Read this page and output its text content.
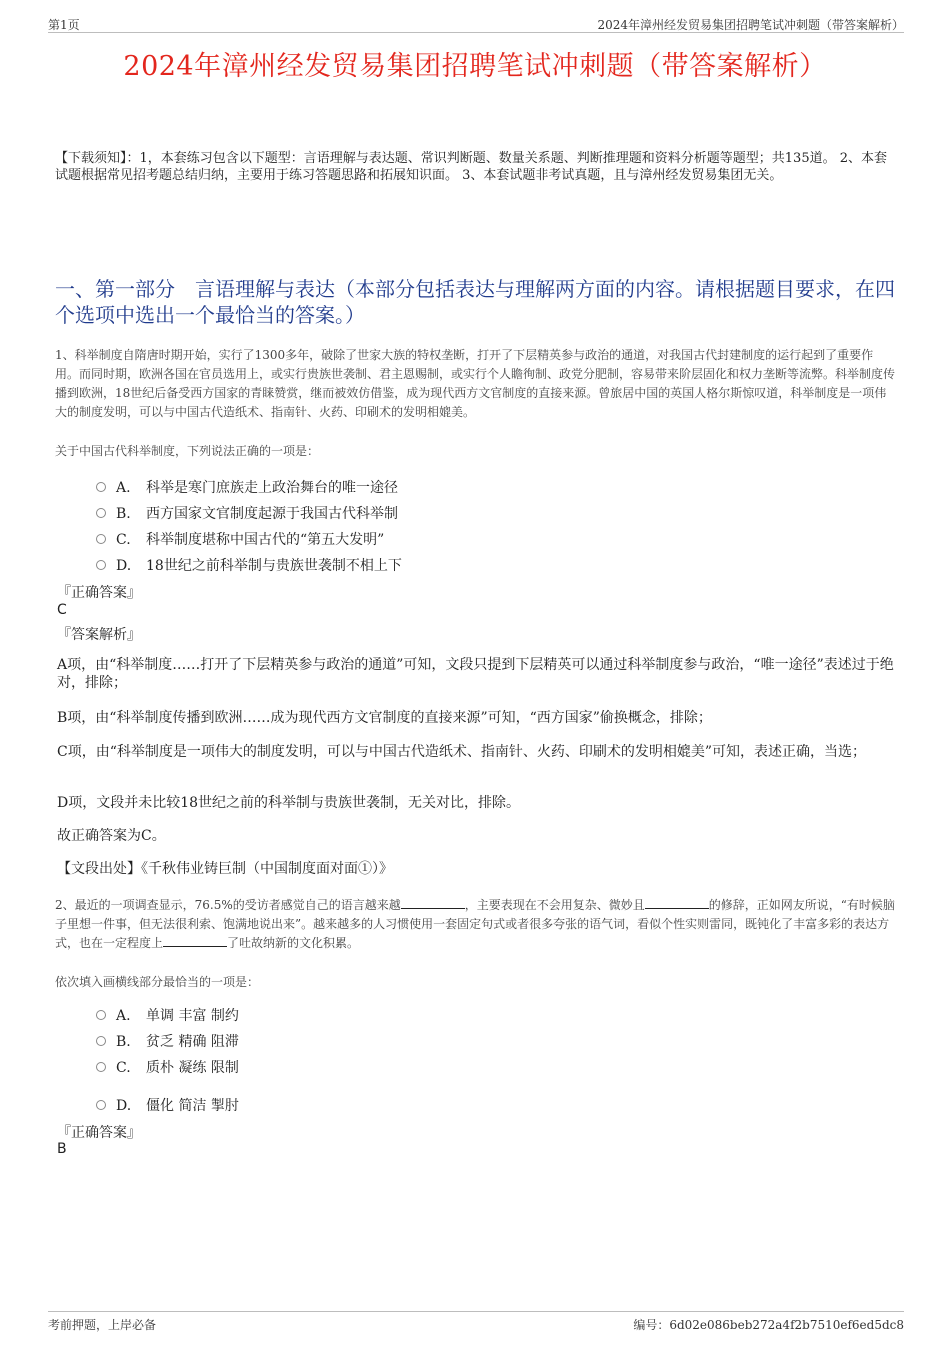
第1页	2024年漳州经发贸易集团招聘笔试冲刺题（带答案解析）
2024年漳州经发贸易集团招聘笔试冲刺题（带答案解析）
【下载须知】：1，本套练习包含以下题型：言语理解与表达题、常识判断题、数量关系题、判断推理题和资料分析题等题型；共135道。 2、本套试题根据常见招考题总结归纳，主要用于练习答题思路和拓展知识面。 3、本套试题非考试真题，且与漳州经发贸易集团无关。
一、第一部分　言语理解与表达（本部分包括表达与理解两方面的内容。请根据题目要求，在四个选项中选出一个最恰当的答案。）
1、科举制度自隋唐时期开始，实行了1300多年，破除了世家大族的特权垄断，打开了下层精英参与政治的通道，对我国古代封建制度的运行起到了重要作用。而同时期，欧洲各国在官员选用上，或实行贵族世袭制、君主恩赐制，或实行个人瞻徇制、政党分肥制，容易带来阶层固化和权力垄断等流弊。科举制度传播到欧洲，18世纪后备受西方国家的青睐赞赏，继而被效仿借鉴，成为现代西方文官制度的直接来源。曾旅居中国的英国人格尔斯惊叹道，科举制度是一项伟大的制度发明，可以与中国古代造纸术、指南针、火药、印刷术的发明相媲美。
关于中国古代科举制度，下列说法正确的一项是：
A. 科举是寒门庶族走上政治舞台的唯一途径
B. 西方国家文官制度起源于我国古代科举制
C. 科举制度堪称中国古代的“第五大发明”
D. 18世纪之前科举制与贵族世袭制不相上下
『正确答案』
C
『答案解析』
A项，由“科举制度……打开了下层精英参与政治的通道”可知，文段只提到下层精英可以通过科举制度参与政治，“唯一途径”表述过于绝对，排除；
B项，由“科举制度传播到欧洲……成为现代西方文官制度的直接来源”可知，“西方国家”偷换概念，排除；
C项，由“科举制度是一项伟大的制度发明，可以与中国古代造纸术、指南针、火药、印刷术的发明相媲美”可知，表述正确，当选；
D项，文段并未比较18世纪之前的科举制与贵族世袭制，无关对比，排除。
故正确答案为C。
【文段出处】《千秋伟业铸巨制（中国制度面对面①）》
2、最近的一项调查显示，76.5%的受访者感觉自己的语言越来越	，主要表现在不会用复杂、微妙且	的修辞，正如网友所说，“有时候脑子里想一件事，但无法很利索、饱满地说出来”。越来越多的人习惯使用一套固定句式或者很多夸张的语气词，看似个性实则雷同，既钝化了丰富多彩的表达方式，也在一定程度上	了吐故纳新的文化积累。
依次填入画横线部分最恰当的一项是：
A. 单调 丰富 制约
B. 贫乏 精确 阻滞
C. 质朴 凝练 限制
D. 僵化 简洁 掣肘
『正确答案』
B
考前押题，上岸必备	编号：6d02e086beb272a4f2b7510ef6ed5dc8
